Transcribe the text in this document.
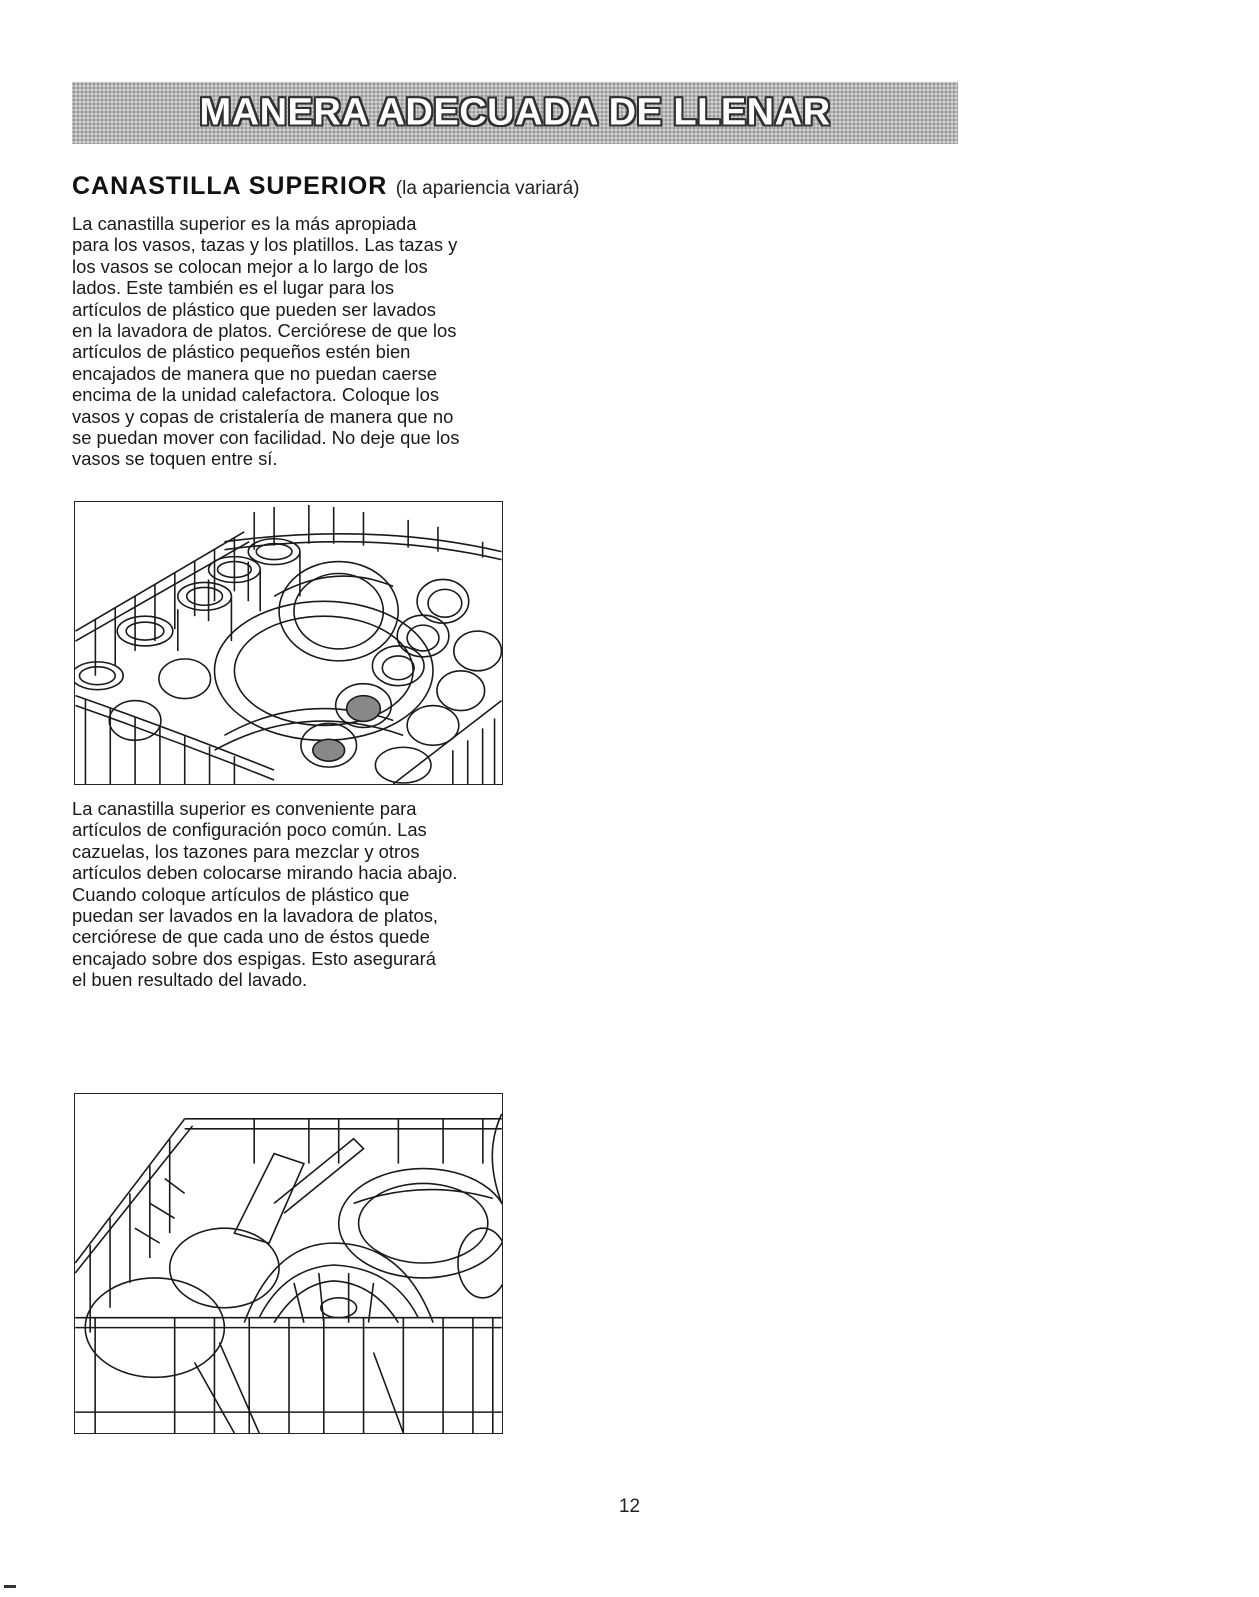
MANERA ADECUADA DE LLENAR
CANASTILLA SUPERIOR (la apariencia variará)
La canastilla superior es la más apropiada
para los vasos, tazas y los platillos. Las tazas y
los vasos se colocan mejor a lo largo de los
lados. Este también es el lugar para los
artículos de plástico que pueden ser lavados
en la lavadora de platos. Cerciórese de que los
artículos de plástico pequeños estén bien
encajados de manera que no puedan caerse
encima de la unidad calefactora. Coloque los
vasos y copas de cristalería de manera que no
se puedan mover con facilidad. No deje que los
vasos se toquen entre sí.
La canastilla superior es conveniente para
artículos de configuración poco común. Las
cazuelas, los tazones para mezclar y otros
artículos deben colocarse mirando hacia abajo.
Cuando coloque artículos de plástico que
puedan ser lavados en la lavadora de platos,
cerciórese de que cada uno de éstos quede
encajado sobre dos espigas. Esto asegurará
el buen resultado del lavado.
12
